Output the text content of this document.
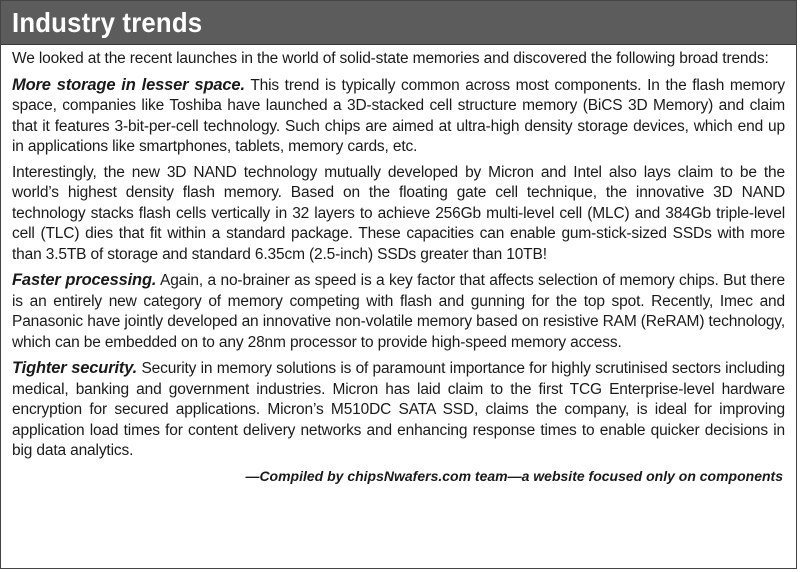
Industry trends

We looked at the recent launches in the world of solid-state memories and discovered the following broad trends:

More storage in lesser space. This trend is typically common across most components. In the flash memory space, companies like Toshiba have launched a 3D-stacked cell structure memory (BiCS 3D Memory) and claim that it features 3-bit-per-cell technology. Such chips are aimed at ultra-high density storage devices, which end up in applications like smartphones, tablets, memory cards, etc.

Interestingly, the new 3D NAND technology mutually developed by Micron and Intel also lays claim to be the world’s highest density flash memory. Based on the floating gate cell technique, the innovative 3D NAND technology stacks flash cells vertically in 32 layers to achieve 256Gb multi-level cell (MLC) and 384Gb triple-level cell (TLC) dies that fit within a standard package. These capacities can enable gum-stick-sized SSDs with more than 3.5TB of storage and standard 6.35cm (2.5-inch) SSDs greater than 10TB!

Faster processing. Again, a no-brainer as speed is a key factor that affects selection of memory chips. But there is an entirely new category of memory competing with flash and gunning for the top spot. Recently, Imec and Panasonic have jointly developed an innovative non-volatile memory based on resistive RAM (ReRAM) technology, which can be embedded on to any 28nm processor to provide high-speed memory access.

Tighter security. Security in memory solutions is of paramount importance for highly scrutinised sectors including medical, banking and government industries. Micron has laid claim to the first TCG Enterprise-level hardware encryption for secured applications. Micron’s M510DC SATA SSD, claims the company, is ideal for improving application load times for content delivery networks and enhancing response times to enable quicker decisions in big data analytics.

—Compiled by chipsNwafers.com team—a website focused only on components
